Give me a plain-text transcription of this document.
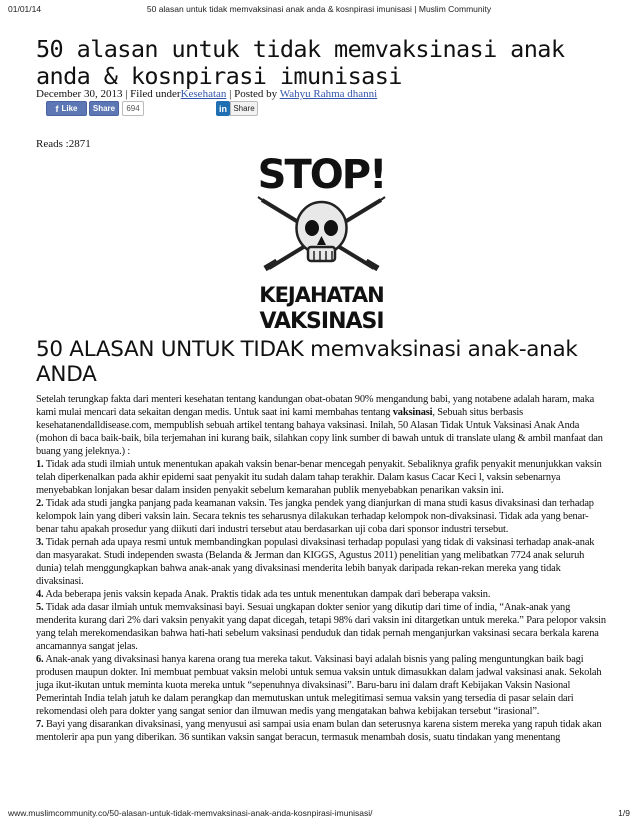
01/01/14	50 alasan untuk tidak memvaksinasi anak anda & kosnpirasi imunisasi | Muslim Community
50 alasan untuk tidak memvaksinasi anak anda & kosnpirasi imunisasi
December 30, 2013 | Filed underKesehatan | Posted by Wahyu Rahma dhanni
f Like	Share	694	in Share
Reads :2871
STOP!
KEJAHATAN
VAKSINASI
50 ALASAN UNTUK TIDAK memvaksinasi anak-anak ANDA

Setelah terungkap fakta dari menteri kesehatan tentang kandungan obat-obatan 90% mengandung babi, yang notabene adalah haram, maka kami mulai mencari data sekaitan dengan medis. Untuk saat ini kami membahas tentang vaksinasi, Sebuah situs berbasis kesehatanendalldisease.com, mempublish sebuah artikel tentang bahaya vaksinasi. Inilah, 50 Alasan Tidak Untuk Vaksinasi Anak Anda (mohon di baca baik-baik, bila terjemahan ini kurang baik, silahkan copy link sumber di bawah untuk di translate ulang & ambil manfaat dan buang yang jeleknya.) :

1. Tidak ada studi ilmiah untuk menentukan apakah vaksin benar-benar mencegah penyakit. Sebaliknya grafik penyakit menunjukkan vaksin telah diperkenalkan pada akhir epidemi saat penyakit itu sudah dalam tahap terakhir. Dalam kasus Cacar Keci l, vaksin sebenarnya menyebabkan lonjakan besar dalam insiden penyakit sebelum kemarahan publik menyebabkan penarikan vaksin ini.

2. Tidak ada studi jangka panjang pada keamanan vaksin. Tes jangka pendek yang dianjurkan di mana studi kasus divaksinasi dan terhadap kelompok lain yang diberi vaksin lain. Secara teknis tes seharusnya dilakukan terhadap kelompok non-divaksinasi. Tidak ada yang benar-benar tahu apakah prosedur yang diikuti dari industri tersebut atau berdasarkan uji coba dari sponsor industri tersebut.

3. Tidak pernah ada upaya resmi untuk membandingkan populasi divaksinasi terhadap populasi yang tidak di vaksinasi terhadap anak-anak dan masyarakat. Studi independen swasta (Belanda & Jerman dan KIGGS, Agustus 2011) penelitian yang melibatkan 7724 anak seluruh dunia) telah menggungkapkan bahwa anak-anak yang divaksinasi menderita lebih banyak daripada rekan-rekan mereka yang tidak divaksinasi.

4. Ada beberapa jenis vaksin kepada Anak. Praktis tidak ada tes untuk menentukan dampak dari beberapa vaksin.

5. Tidak ada dasar ilmiah untuk memvaksinasi bayi. Sesuai ungkapan dokter senior yang dikutip dari time of india, “Anak-anak yang menderita kurang dari 2% dari vaksin penyakit yang dapat dicegah, tetapi 98% dari vaksin ini ditargetkan untuk mereka.” Para pelopor vaksin yang telah merekomendasikan bahwa hati-hati sebelum vaksinasi penduduk dan tidak pernah menganjurkan vaksinasi secara berkala karena ancamannya sangat jelas.

6. Anak-anak yang divaksinasi hanya karena orang tua mereka takut. Vaksinasi bayi adalah bisnis yang paling menguntungkan baik bagi produsen maupun dokter. Ini membuat pembuat vaksin melobi untuk semua vaksin untuk dimasukkan dalam jadwal vaksinasi anak. Sekolah juga ikut-ikutan untuk meminta kuota mereka untuk “sepenuhnya divaksinasi”. Baru-baru ini dalam draft Kebijakan Vaksin Nasional Pemerintah India telah jatuh ke dalam perangkap dan memutuskan untuk melegitimasi semua vaksin yang tersedia di pasar selain dari rekomendasi oleh para dokter yang sangat senior dan ilmuwan medis yang mengatakan bahwa kebijakan tersebut “irasional”.

7. Bayi yang disarankan divaksinasi, yang menyusui asi sampai usia enam bulan dan seterusnya karena sistem mereka yang rapuh tidak akan mentolerir apa pun yang diberikan. 36 suntikan vaksin sangat beracun, termasuk menambah dosis, suatu tindakan yang menentang

www.muslimcommunity.co/50-alasan-untuk-tidak-memvaksinasi-anak-anda-kosnpirasi-imunisasi/	1/9
